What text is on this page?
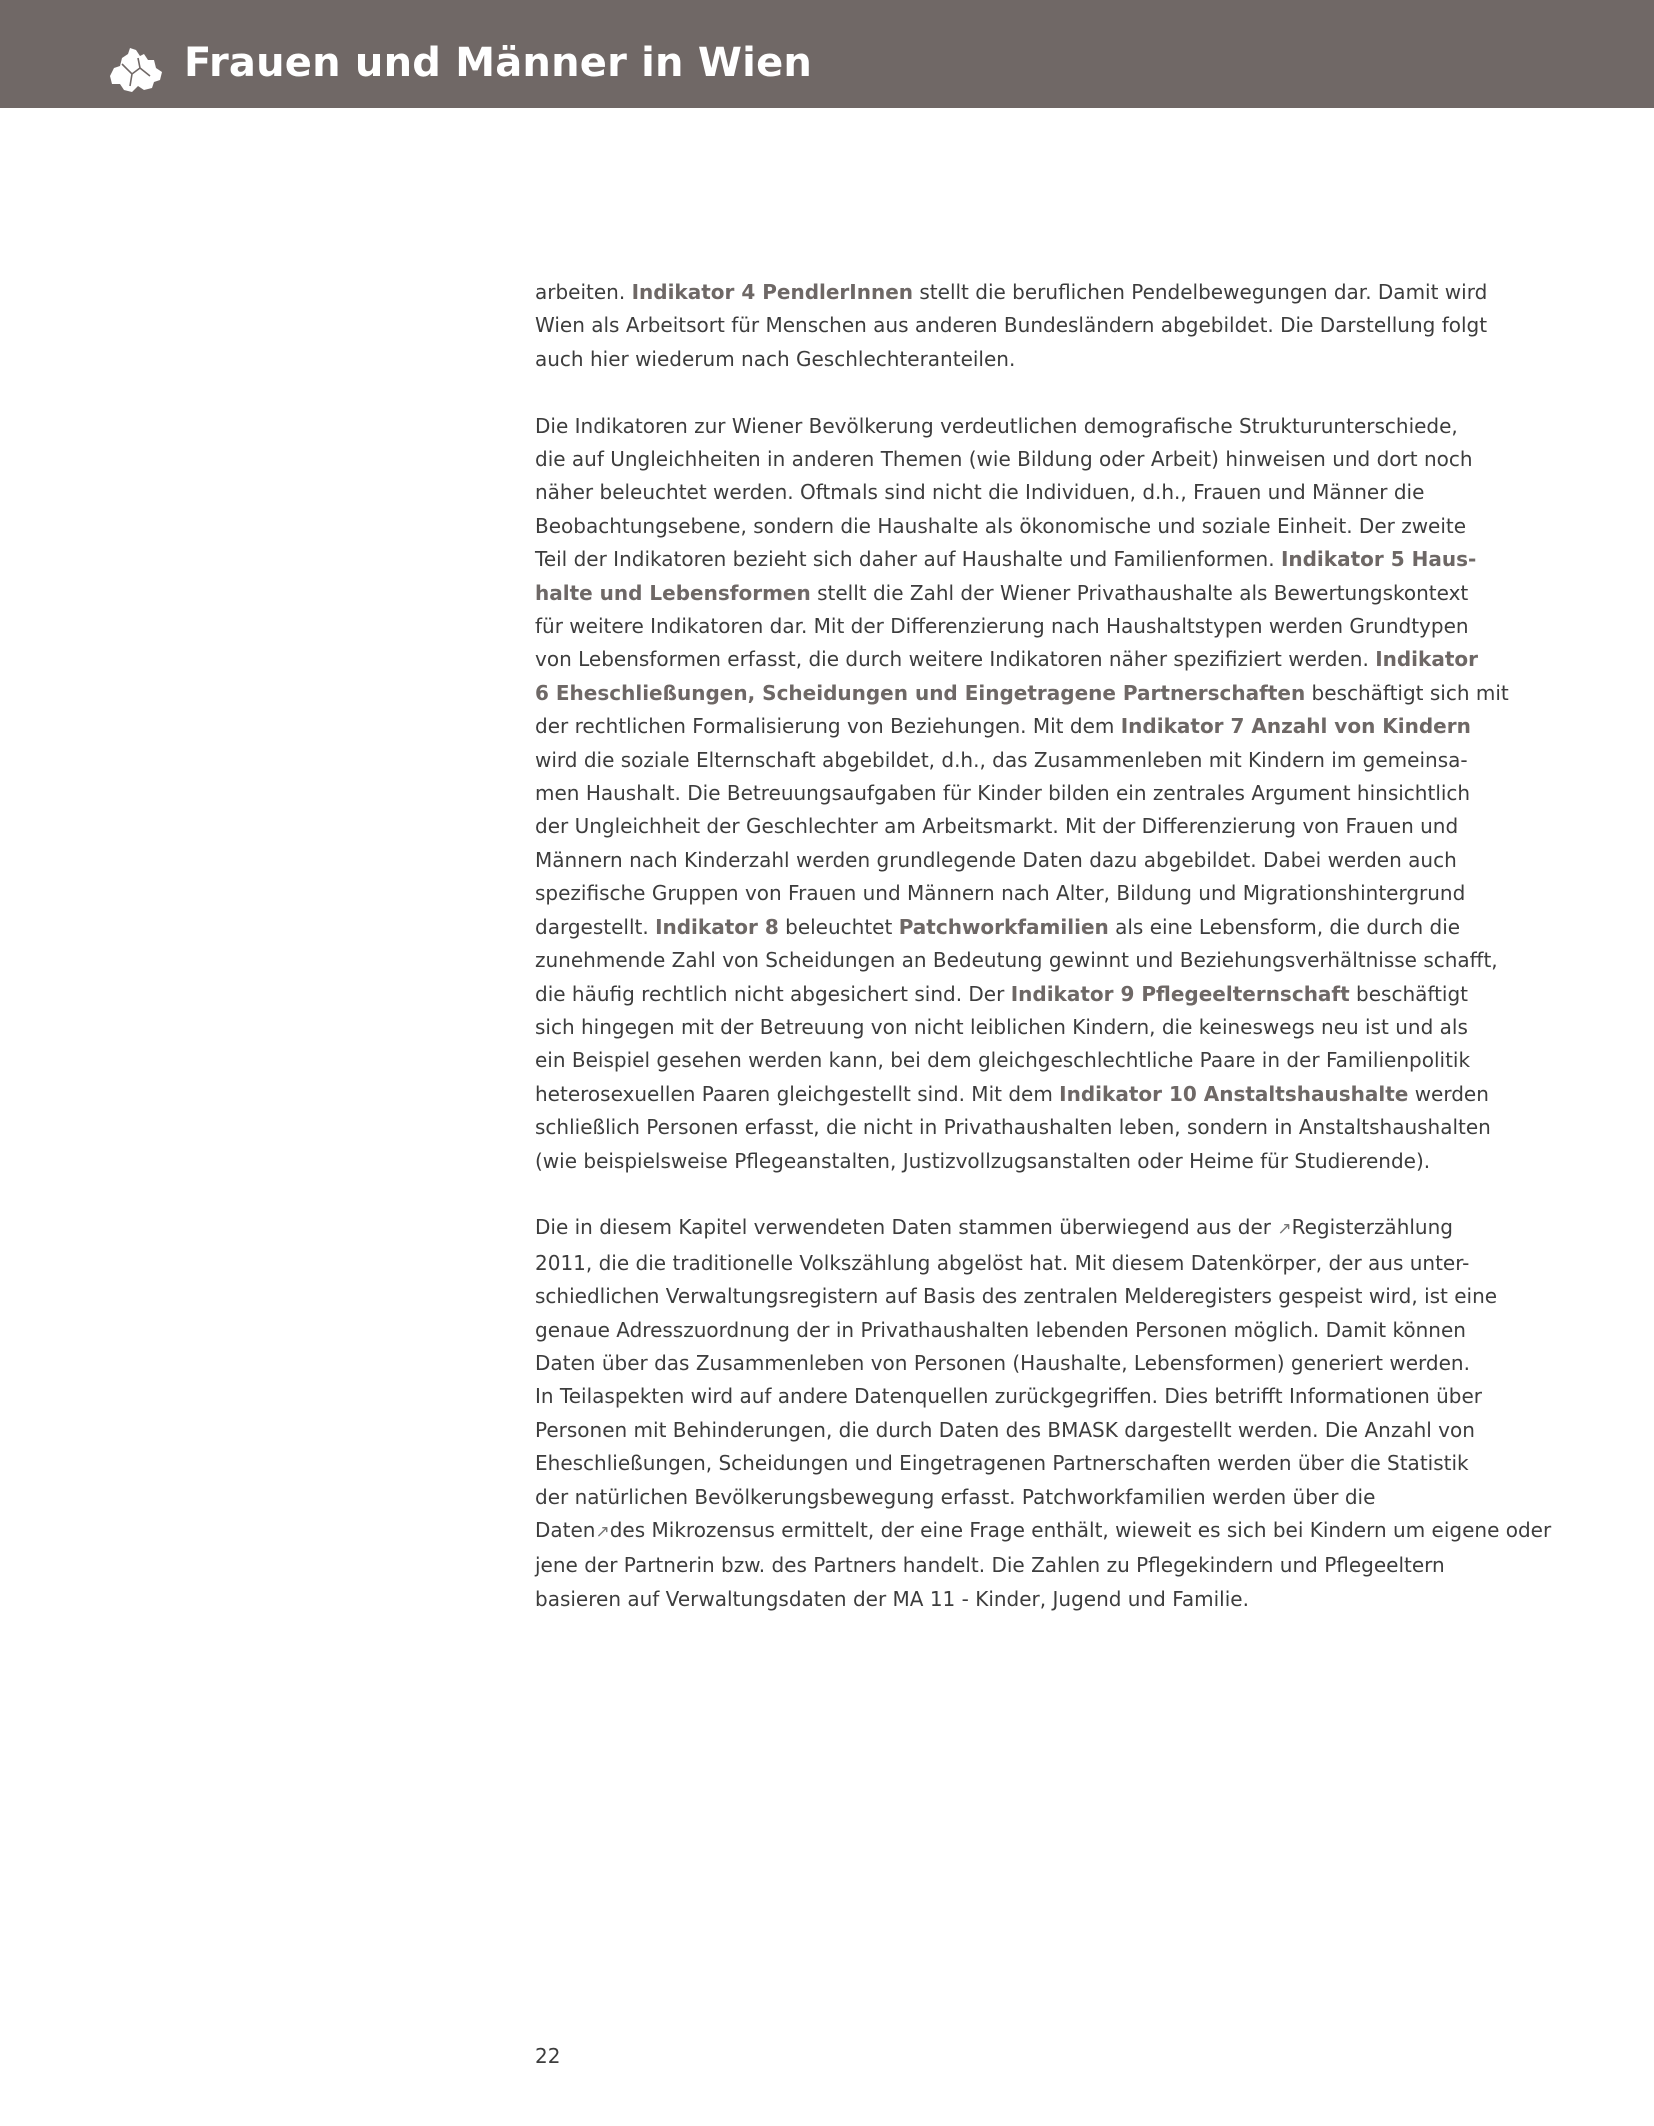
Frauen und Männer in Wien

arbeiten. Indikator 4 PendlerInnen stellt die beruflichen Pendelbewegungen dar. Damit wird
Wien als Arbeitsort für Menschen aus anderen Bundesländern abgebildet. Die Darstellung folgt
auch hier wiederum nach Geschlechteranteilen.

Die Indikatoren zur Wiener Bevölkerung verdeutlichen demografische Strukturunterschiede,
die auf Ungleichheiten in anderen Themen (wie Bildung oder Arbeit) hinweisen und dort noch
näher beleuchtet werden. Oftmals sind nicht die Individuen, d.h., Frauen und Männer die
Beobachtungsebene, sondern die Haushalte als ökonomische und soziale Einheit. Der zweite
Teil der Indikatoren bezieht sich daher auf Haushalte und Familienformen. Indikator 5 Haus-
halte und Lebensformen stellt die Zahl der Wiener Privathaushalte als Bewertungskontext
für weitere Indikatoren dar. Mit der Differenzierung nach Haushaltstypen werden Grundtypen
von Lebensformen erfasst, die durch weitere Indikatoren näher spezifiziert werden. Indikator
6 Eheschließungen, Scheidungen und Eingetragene Partnerschaften beschäftigt sich mit
der rechtlichen Formalisierung von Beziehungen. Mit dem Indikator 7 Anzahl von Kindern
wird die soziale Elternschaft abgebildet, d.h., das Zusammenleben mit Kindern im gemeinsa-
men Haushalt. Die Betreuungsaufgaben für Kinder bilden ein zentrales Argument hinsichtlich
der Ungleichheit der Geschlechter am Arbeitsmarkt. Mit der Differenzierung von Frauen und
Männern nach Kinderzahl werden grundlegende Daten dazu abgebildet. Dabei werden auch
spezifische Gruppen von Frauen und Männern nach Alter, Bildung und Migrationshintergrund
dargestellt. Indikator 8 beleuchtet Patchworkfamilien als eine Lebensform, die durch die
zunehmende Zahl von Scheidungen an Bedeutung gewinnt und Beziehungsverhältnisse schafft,
die häufig rechtlich nicht abgesichert sind. Der Indikator 9 Pflegeelternschaft beschäftigt
sich hingegen mit der Betreuung von nicht leiblichen Kindern, die keineswegs neu ist und als
ein Beispiel gesehen werden kann, bei dem gleichgeschlechtliche Paare in der Familienpolitik
heterosexuellen Paaren gleichgestellt sind. Mit dem Indikator 10 Anstaltshaushalte werden
schließlich Personen erfasst, die nicht in Privathaushalten leben, sondern in Anstaltshaushalten
(wie beispielsweise Pflegeanstalten, Justizvollzugsanstalten oder Heime für Studierende).

Die in diesem Kapitel verwendeten Daten stammen überwiegend aus der ↗Registerzählung
2011, die die traditionelle Volkszählung abgelöst hat. Mit diesem Datenkörper, der aus unter-
schiedlichen Verwaltungsregistern auf Basis des zentralen Melderegisters gespeist wird, ist eine
genaue Adresszuordnung der in Privathaushalten lebenden Personen möglich. Damit können
Daten über das Zusammenleben von Personen (Haushalte, Lebensformen) generiert werden.
In Teilaspekten wird auf andere Datenquellen zurückgegriffen. Dies betrifft Informationen über
Personen mit Behinderungen, die durch Daten des BMASK dargestellt werden. Die Anzahl von
Eheschließungen, Scheidungen und Eingetragenen Partnerschaften werden über die Statistik
der natürlichen Bevölkerungsbewegung erfasst. Patchworkfamilien werden über die
Daten↗des Mikrozensus ermittelt, der eine Frage enthält, wieweit es sich bei Kindern um eigene oder
jene der Partnerin bzw. des Partners handelt. Die Zahlen zu Pflegekindern und Pflegeeltern
basieren auf Verwaltungsdaten der MA 11 - Kinder, Jugend und Familie.

22
